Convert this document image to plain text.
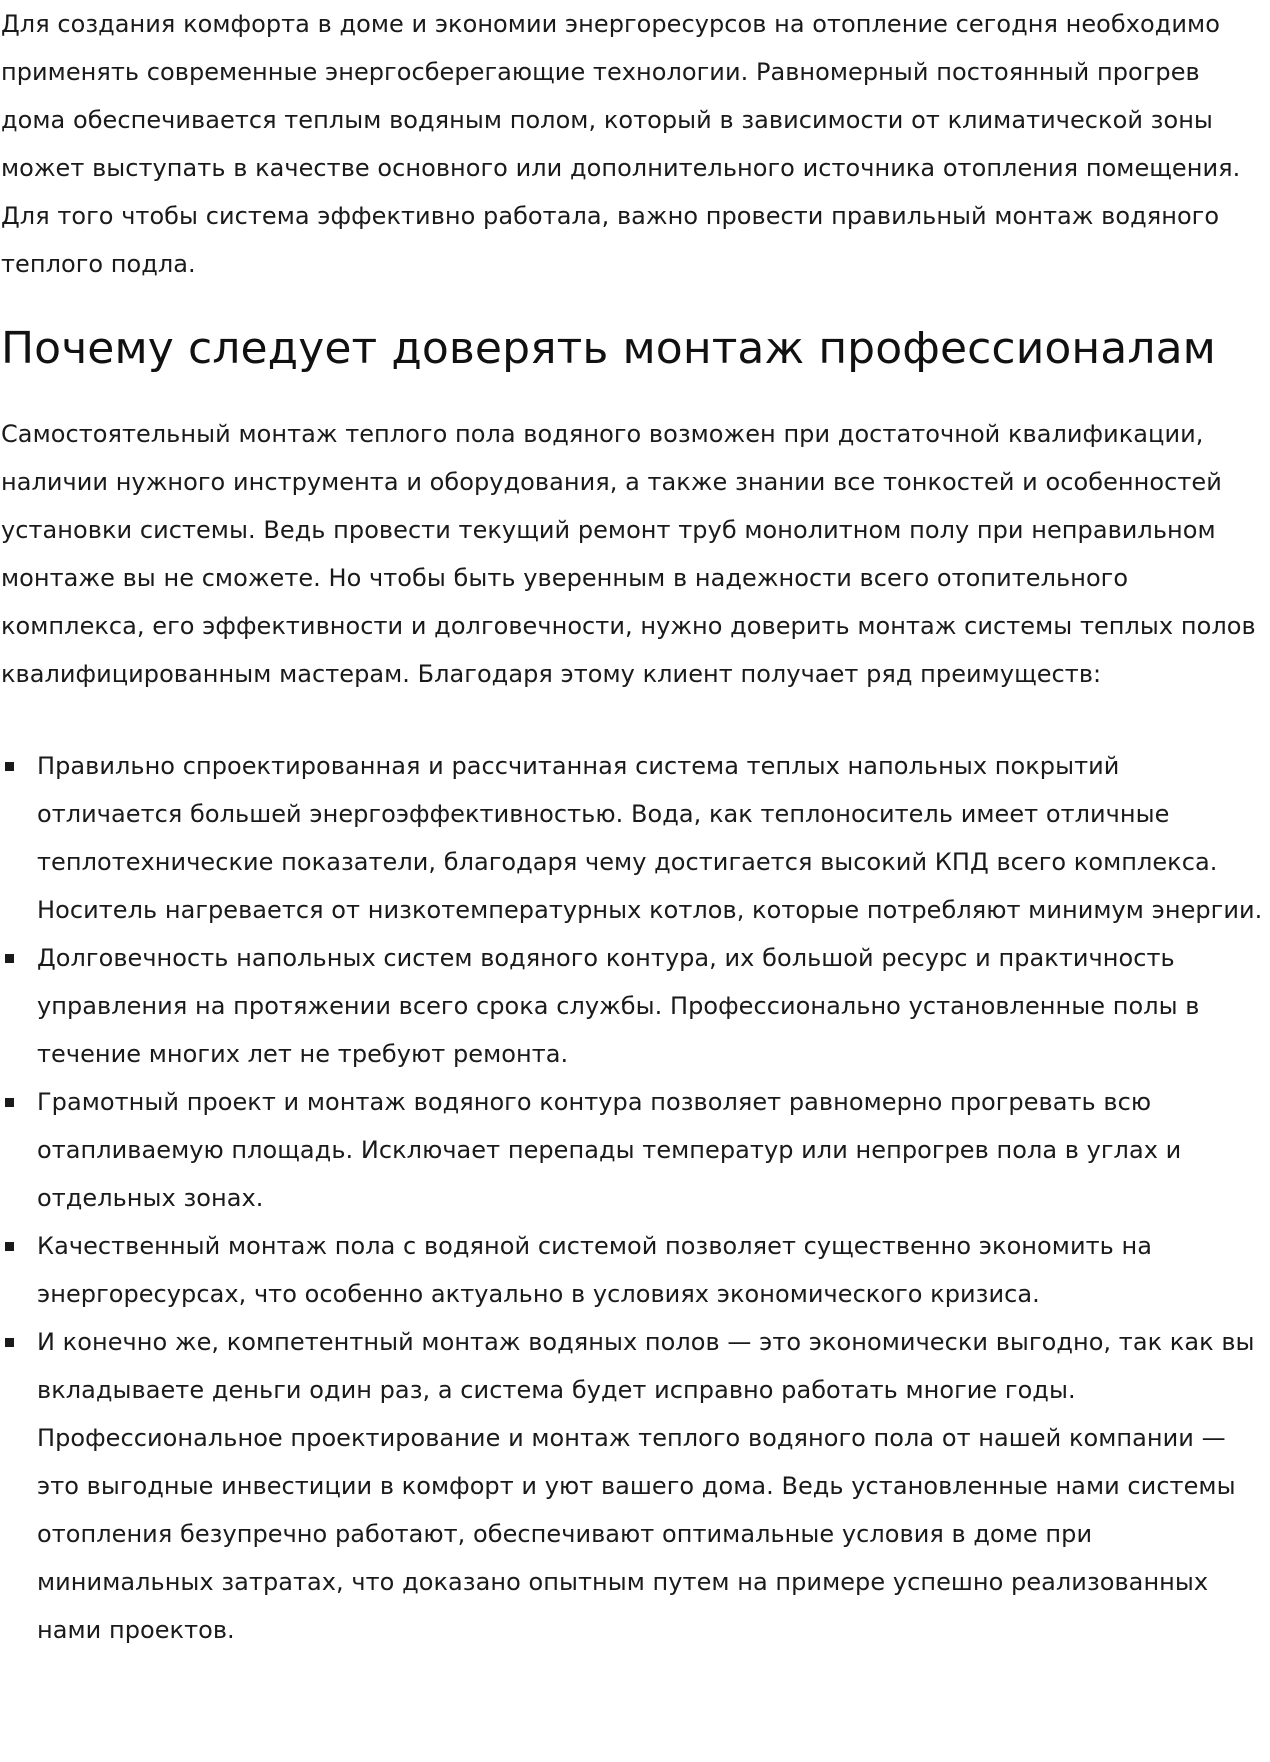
Для создания комфорта в доме и экономии энергоресурсов на отопление сегодня необходимо применять современные энергосберегающие технологии. Равномерный постоянный прогрев дома обеспечивается теплым водяным полом, который в зависимости от климатической зоны может выступать в качестве основного или дополнительного источника отопления помещения. Для того чтобы система эффективно работала, важно провести правильный монтаж водяного теплого подла.

Почему следует доверять монтаж профессионалам

Самостоятельный монтаж теплого пола водяного возможен при достаточной квалификации, наличии нужного инструмента и оборудования, а также знании все тонкостей и особенностей установки системы. Ведь провести текущий ремонт труб монолитном полу при неправильном монтаже вы не сможете. Но чтобы быть уверенным в надежности всего отопительного комплекса, его эффективности и долговечности, нужно доверить монтаж системы теплых полов квалифицированным мастерам. Благодаря этому клиент получает ряд преимуществ:

Правильно спроектированная и рассчитанная система теплых напольных покрытий отличается большей энергоэффективностью. Вода, как теплоноситель имеет отличные теплотехнические показатели, благодаря чему достигается высокий КПД всего комплекса. Носитель нагревается от низкотемпературных котлов, которые потребляют минимум энергии.
Долговечность напольных систем водяного контура, их большой ресурс и практичность управления на протяжении всего срока службы. Профессионально установленные полы в течение многих лет не требуют ремонта.
Грамотный проект и монтаж водяного контура позволяет равномерно прогревать всю отапливаемую площадь. Исключает перепады температур или непрогрев пола в углах и отдельных зонах.
Качественный монтаж пола с водяной системой позволяет существенно экономить на энергоресурсах, что особенно актуально в условиях экономического кризиса.
И конечно же, компетентный монтаж водяных полов — это экономически выгодно, так как вы вкладываете деньги один раз, а система будет исправно работать многие годы. Профессиональное проектирование и монтаж теплого водяного пола от нашей компании — это выгодные инвестиции в комфорт и уют вашего дома. Ведь установленные нами системы отопления безупречно работают, обеспечивают оптимальные условия в доме при минимальных затратах, что доказано опытным путем на примере успешно реализованных нами проектов.
